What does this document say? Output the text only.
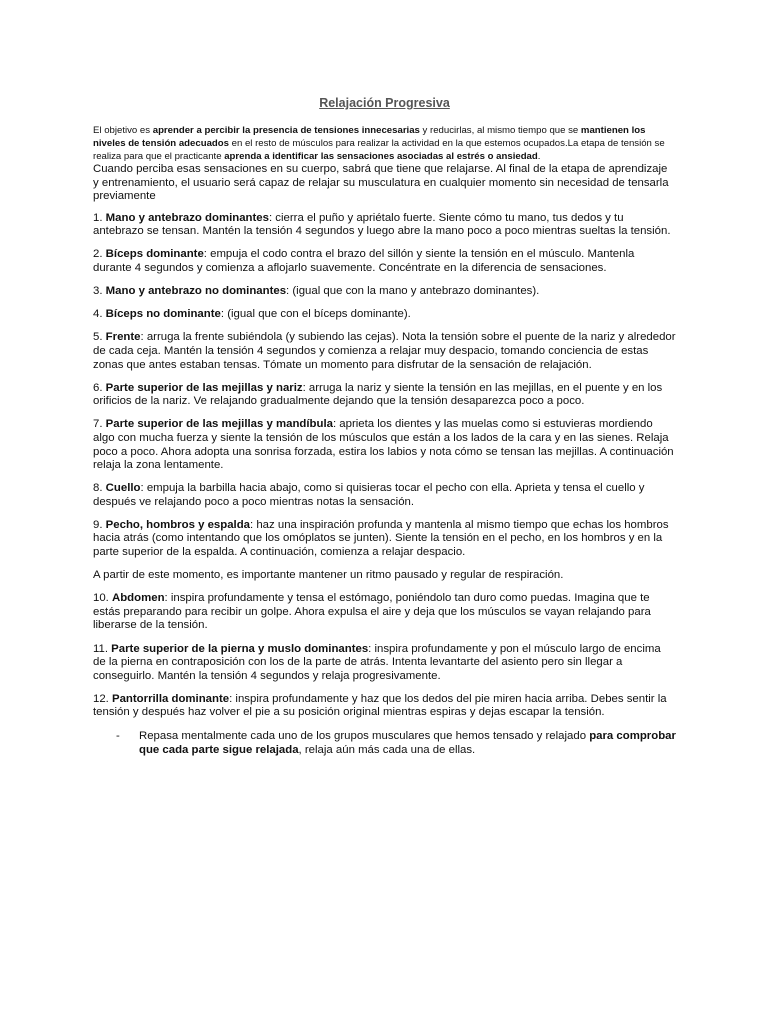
Relajación Progresiva

El objetivo es aprender a percibir la presencia de tensiones innecesarias y reducirlas, al mismo tiempo que se mantienen los niveles de tensión adecuados en el resto de músculos para realizar la actividad en la que estemos ocupados.La etapa de tensión se realiza para que el practicante aprenda a identificar las sensaciones asociadas al estrés o ansiedad.

Cuando perciba esas sensaciones en su cuerpo, sabrá que tiene que relajarse. Al final de la etapa de aprendizaje y entrenamiento, el usuario será capaz de relajar su musculatura en cualquier momento sin necesidad de tensarla previamente

1. Mano y antebrazo dominantes: cierra el puño y apriétalo fuerte. Siente cómo tu mano, tus dedos y tu antebrazo se tensan. Mantén la tensión 4 segundos y luego abre la mano poco a poco mientras sueltas la tensión.

2. Bíceps dominante: empuja el codo contra el brazo del sillón y siente la tensión en el músculo. Mantenla durante 4 segundos y comienza a aflojarlo suavemente. Concéntrate en la diferencia de sensaciones.

3. Mano y antebrazo no dominantes: (igual que con la mano y antebrazo dominantes).

4. Bíceps no dominante: (igual que con el bíceps dominante).

5. Frente: arruga la frente subiéndola (y subiendo las cejas). Nota la tensión sobre el puente de la nariz y alrededor de cada ceja. Mantén la tensión 4 segundos y comienza a relajar muy despacio, tomando conciencia de estas zonas que antes estaban tensas. Tómate un momento para disfrutar de la sensación de relajación.

6. Parte superior de las mejillas y nariz: arruga la nariz y siente la tensión en las mejillas, en el puente y en los orificios de la nariz. Ve relajando gradualmente dejando que la tensión desaparezca poco a poco.

7. Parte superior de las mejillas y mandíbula: aprieta los dientes y las muelas como si estuvieras mordiendo algo con mucha fuerza y siente la tensión de los músculos que están a los lados de la cara y en las sienes. Relaja poco a poco. Ahora adopta una sonrisa forzada, estira los labios y nota cómo se tensan las mejillas. A continuación relaja la zona lentamente.

8. Cuello: empuja la barbilla hacia abajo, como si quisieras tocar el pecho con ella. Aprieta y tensa el cuello y después ve relajando poco a poco mientras notas la sensación.

9. Pecho, hombros y espalda: haz una inspiración profunda y mantenla al mismo tiempo que echas los hombros hacia atrás (como intentando que los omóplatos se junten). Siente la tensión en el pecho, en los hombros y en la parte superior de la espalda. A continuación, comienza a relajar despacio.

A partir de este momento, es importante mantener un ritmo pausado y regular de respiración.

10. Abdomen: inspira profundamente y tensa el estómago, poniéndolo tan duro como puedas. Imagina que te estás preparando para recibir un golpe. Ahora expulsa el aire y deja que los músculos se vayan relajando para liberarse de la tensión.

11. Parte superior de la pierna y muslo dominantes: inspira profundamente y pon el músculo largo de encima de la pierna en contraposición con los de la parte de atrás. Intenta levantarte del asiento pero sin llegar a conseguirlo. Mantén la tensión 4 segundos y relaja progresivamente.

12. Pantorrilla dominante: inspira profundamente y haz que los dedos del pie miren hacia arriba. Debes sentir la tensión y después haz volver el pie a su posición original mientras espiras y dejas escapar la tensión.

-	Repasa mentalmente cada uno de los grupos musculares que hemos tensado y relajado para comprobar que cada parte sigue relajada, relaja aún más cada una de ellas.
